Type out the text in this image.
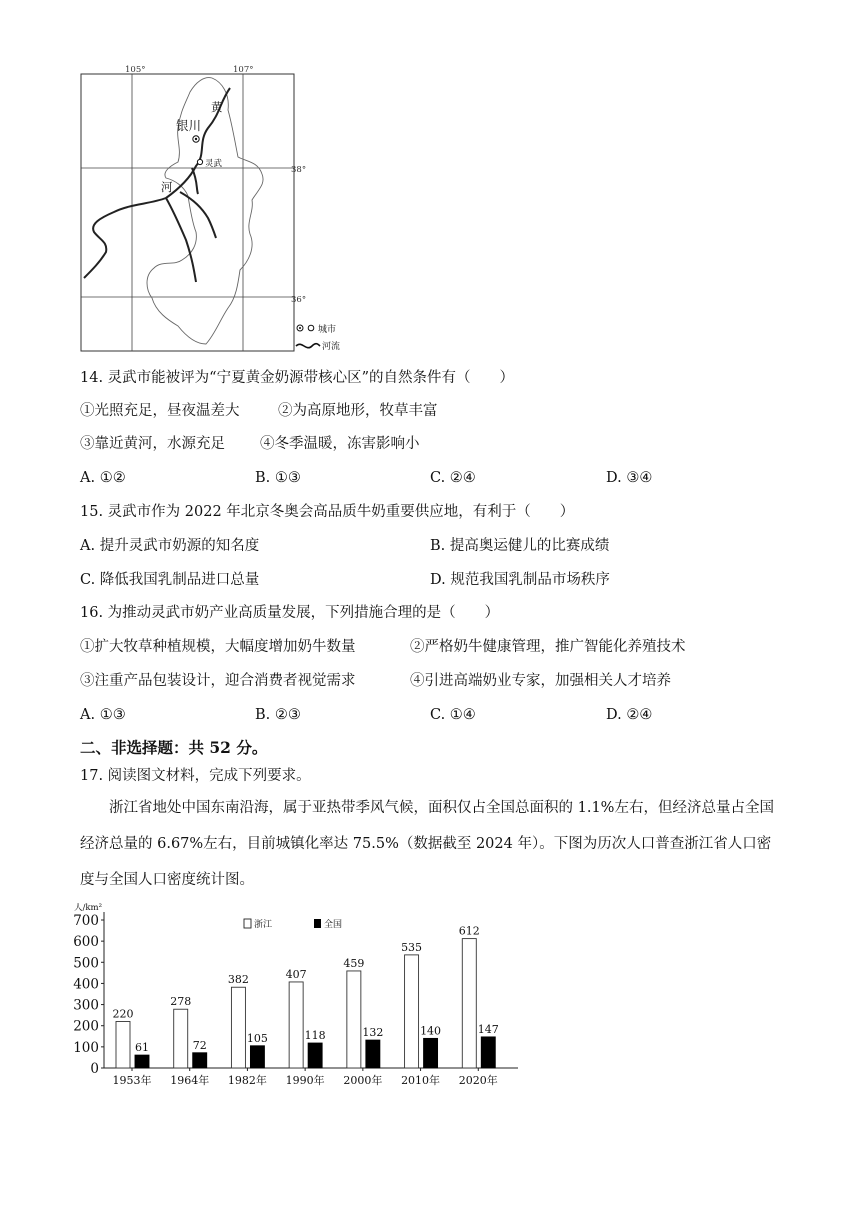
105°	107°
38°
36°
银川
灵武
黄
河
城市
河流
14. 灵武市能被评为“宁夏黄金奶源带核心区”的自然条件有（　　）
①光照充足，昼夜温差大	②为高原地形，牧草丰富
③靠近黄河，水源充足 ④冬季温暖，冻害影响小
A. ①②	B. ①③	C. ②④	D. ③④
15. 灵武市作为 2022 年北京冬奥会高品质牛奶重要供应地，有利于（　　）
A. 提升灵武市奶源的知名度	B. 提高奥运健儿的比赛成绩
C. 降低我国乳制品进口总量	D. 规范我国乳制品市场秩序
16. 为推动灵武市奶产业高质量发展，下列措施合理的是（　　）
①扩大牧草种植规模，大幅度增加奶牛数量	②严格奶牛健康管理，推广智能化养殖技术
③注重产品包装设计，迎合消费者视觉需求	④引进高端奶业专家，加强相关人才培养
A. ①③	B. ②③	C. ①④	D. ②④
二、非选择题：共 52 分。
17. 阅读图文材料，完成下列要求。
浙江省地处中国东南沿海，属于亚热带季风气候，面积仅占全国总面积的 1.1%左右，但经济总量占全国经济总量的 6.67%左右，目前城镇化率达 75.5%（数据截至 2024 年）。下图为历次人口普查浙江省人口密度与全国人口密度统计图。
人/km²
0
100
200
300
400
500
600
700	浙江	全国
220
61
1953年
278
72
1964年
382
105
1982年
407
118
1990年
459
132
2000年
535
140
2010年
612
147
2020年
